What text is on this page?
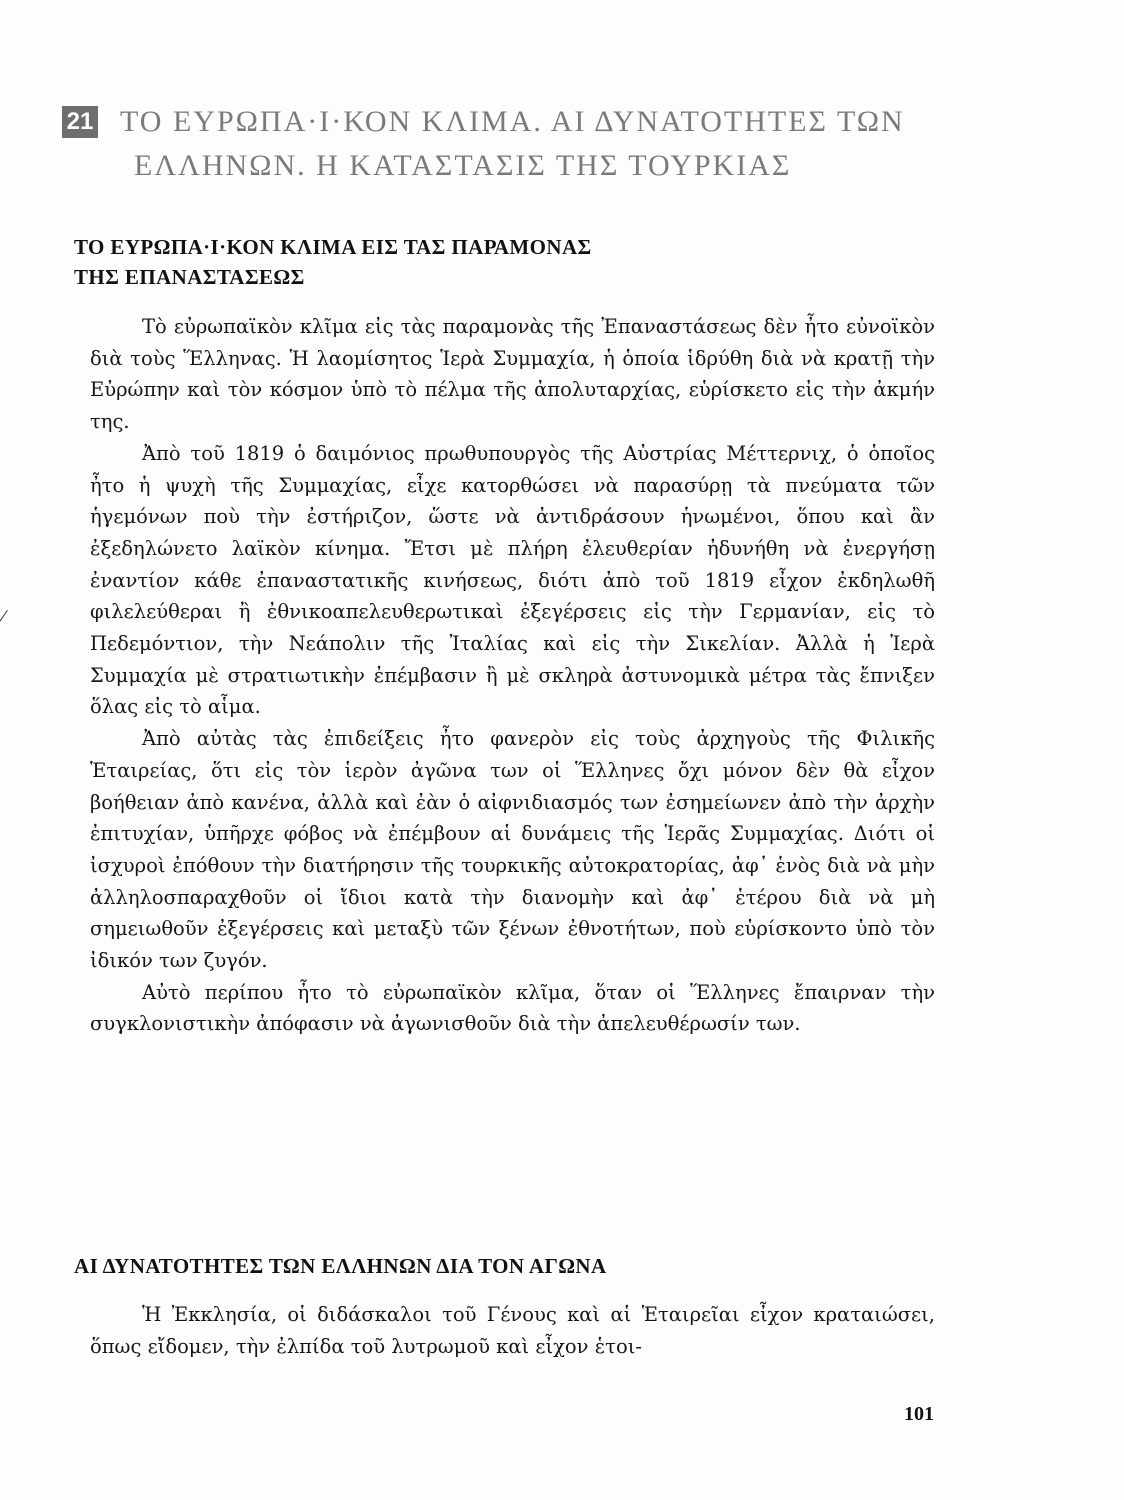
21 ΤΟ ΕΥΡΩΠΑ·Ι·ΚΟΝ ΚΛΙΜΑ. ΑΙ ΔΥΝΑΤΟΤΗΤΕΣ ΤΩΝ
ΕΛΛΗΝΩΝ. Η ΚΑΤΑΣΤΑΣΙΣ ΤΗΣ ΤΟΥΡΚΙΑΣ
ΤΟ ΕΥΡΩΠΑ·Ι·ΚΟΝ ΚΛΙΜΑ ΕΙΣ ΤΑΣ ΠΑΡΑΜΟΝΑΣ
ΤΗΣ ΕΠΑΝΑΣΤΑΣΕΩΣ

Τὸ εὐρωπαϊκὸν κλῖμα εἰς τὰς παραμονὰς τῆς Ἐπαναστάσεως δὲν ἦτο εὐνοϊκὸν διὰ τοὺς Ἕλληνας. Ἡ λαομίσητος Ἱερὰ Συμμαχία, ἡ ὁποία ἱδρύθη διὰ νὰ κρατῇ τὴν Εὐρώπην καὶ τὸν κόσμον ὑπὸ τὸ πέλμα τῆς ἀπολυταρχίας, εὑρίσκετο εἰς τὴν ἀκμήν της.

Ἀπὸ τοῦ 1819 ὁ δαιμόνιος πρωθυπουργὸς τῆς Αὐστρίας Μέττερνιχ, ὁ ὁποῖος ἦτο ἡ ψυχὴ τῆς Συμμαχίας, εἶχε κατορθώσει νὰ παρασύρῃ τὰ πνεύματα τῶν ἡγεμόνων ποὺ τὴν ἐστήριζον, ὥστε νὰ ἀντιδράσουν ἡνωμένοι, ὅπου καὶ ἂν ἐξεδηλώνετο λαϊκὸν κίνημα. Ἔτσι μὲ πλήρη ἐλευθερίαν ἠδυνήθη νὰ ἐνεργήσῃ ἐναντίον κάθε ἐπαναστατικῆς κινήσεως, διότι ἀπὸ τοῦ 1819 εἶχον ἐκδηλωθῆ φιλελεύθεραι ἢ ἐθνικοαπελευθερωτικαὶ ἐξεγέρσεις εἰς τὴν Γερμανίαν, εἰς τὸ Πεδεμόντιον, τὴν Νεάπολιν τῆς Ἰταλίας καὶ εἰς τὴν Σικελίαν. Ἀλλὰ ἡ Ἱερὰ Συμμαχία μὲ στρατιωτικὴν ἐπέμβασιν ἢ μὲ σκληρὰ ἀστυνομικὰ μέτρα τὰς ἔπνιξεν ὅλας εἰς τὸ αἷμα.

Ἀπὸ αὐτὰς τὰς ἐπιδείξεις ἦτο φανερὸν εἰς τοὺς ἀρχηγοὺς τῆς Φιλικῆς Ἑταιρείας, ὅτι εἰς τὸν ἱερὸν ἀγῶνα των οἱ Ἕλληνες ὄχι μόνον δὲν θὰ εἶχον βοήθειαν ἀπὸ κανένα, ἀλλὰ καὶ ἐὰν ὁ αἰφνιδιασμός των ἐσημείωνεν ἀπὸ τὴν ἀρχὴν ἐπιτυχίαν, ὑπῆρχε φόβος νὰ ἐπέμβουν αἱ δυνάμεις τῆς Ἱερᾶς Συμμαχίας. Διότι οἱ ἰσχυροὶ ἐπόθουν τὴν διατήρησιν τῆς τουρκικῆς αὐτοκρατορίας, ἀφ᾽ ἑνὸς διὰ νὰ μὴν ἀλληλοσπαραχθοῦν οἱ ἴδιοι κατὰ τὴν διανομὴν καὶ ἀφ᾽ ἑτέρου διὰ νὰ μὴ σημειωθοῦν ἐξεγέρσεις καὶ μεταξὺ τῶν ξένων ἐθνοτήτων, ποὺ εὑρίσκοντο ὑπὸ τὸν ἰδικόν των ζυγόν.

Αὐτὸ περίπου ἦτο τὸ εὐρωπαϊκὸν κλῖμα, ὅταν οἱ Ἕλληνες ἔπαιρναν τὴν συγκλονιστικὴν ἀπόφασιν νὰ ἀγωνισθοῦν διὰ τὴν ἀπελευθέρωσίν των.

ΑΙ ΔΥΝΑΤΟΤΗΤΕΣ ΤΩΝ ΕΛΛΗΝΩΝ ΔΙΑ ΤΟΝ ΑΓΩΝΑ

Ἡ Ἐκκλησία, οἱ διδάσκαλοι τοῦ Γένους καὶ αἱ Ἑταιρεῖαι εἶχον κραταιώσει, ὅπως εἴδομεν, τὴν ἐλπίδα τοῦ λυτρωμοῦ καὶ εἶχον ἑτοι-

101
